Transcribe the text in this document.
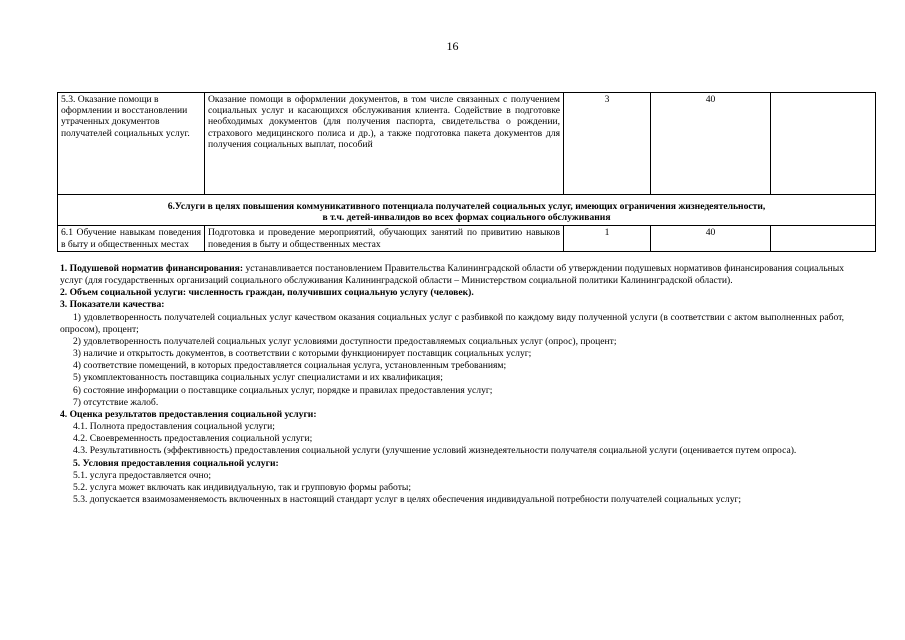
16
5.3. Оказание помощи в оформлении и восстановлении утраченных документов получателей социальных услуг.	Оказание помощи в оформлении документов, в том числе связанных с получением социальных услуг и касающихся обслуживания клиента. Содействие в подготовке необходимых документов (для получения паспорта, свидетельства о рождении, страхового медицинского полиса и др.), а также подготовка пакета документов для получения социальных выплат, пособий	3	40	

6.Услуги в целях повышения коммуникативного потенциала получателей социальных услуг, имеющих ограничения жизнедеятельности,
в т.ч. детей-инвалидов во всех формах социального обслуживания				

6.1 Обучение навыкам поведения в быту и общественных местах	Подготовка и проведение мероприятий, обучающих занятий по привитию навыков поведения в быту и общественных местах	1	40	

1. Подушевой норматив финансирования: устанавливается постановлением Правительства Калининградской области об утверждении подушевых нормативов финансирования социальных услуг (для государственных организаций социального обслуживания Калининградской области – Министерством социальной политики Калининградской области).

2. Объем социальной услуги: численность граждан, получивших социальную услугу (человек).

3. Показатели качества:

1) удовлетворенность получателей социальных услуг качеством оказания социальных услуг с разбивкой по каждому виду полученной услуги (в соответствии с актом выполненных работ, опросом), процент;

2) удовлетворенность получателей социальных услуг условиями доступности предоставляемых социальных услуг (опрос), процент;

3) наличие и открытость документов, в соответствии с которыми функционирует поставщик социальных услуг;

4) соответствие помещений, в которых предоставляется социальная услуга, установленным требованиям;

5) укомплектованность поставщика социальных услуг специалистами и их квалификация;

6) состояние информации о поставщике социальных услуг, порядке и правилах предоставления услуг;

7) отсутствие жалоб.

4. Оценка результатов предоставления социальной услуги:

4.1. Полнота предоставления социальной услуги;

4.2. Своевременность предоставления социальной услуги;

4.3. Результативность (эффективность) предоставления социальной услуги (улучшение условий жизнедеятельности получателя социальной услуги (оценивается путем опроса).

5. Условия предоставления социальной услуги:

5.1. услуга предоставляется очно;

5.2. услуга может включать как индивидуальную, так и групповую формы работы;

5.3. допускается взаимозаменяемость включенных в настоящий стандарт услуг в целях обеспечения индивидуальной потребности получателей социальных услуг;
